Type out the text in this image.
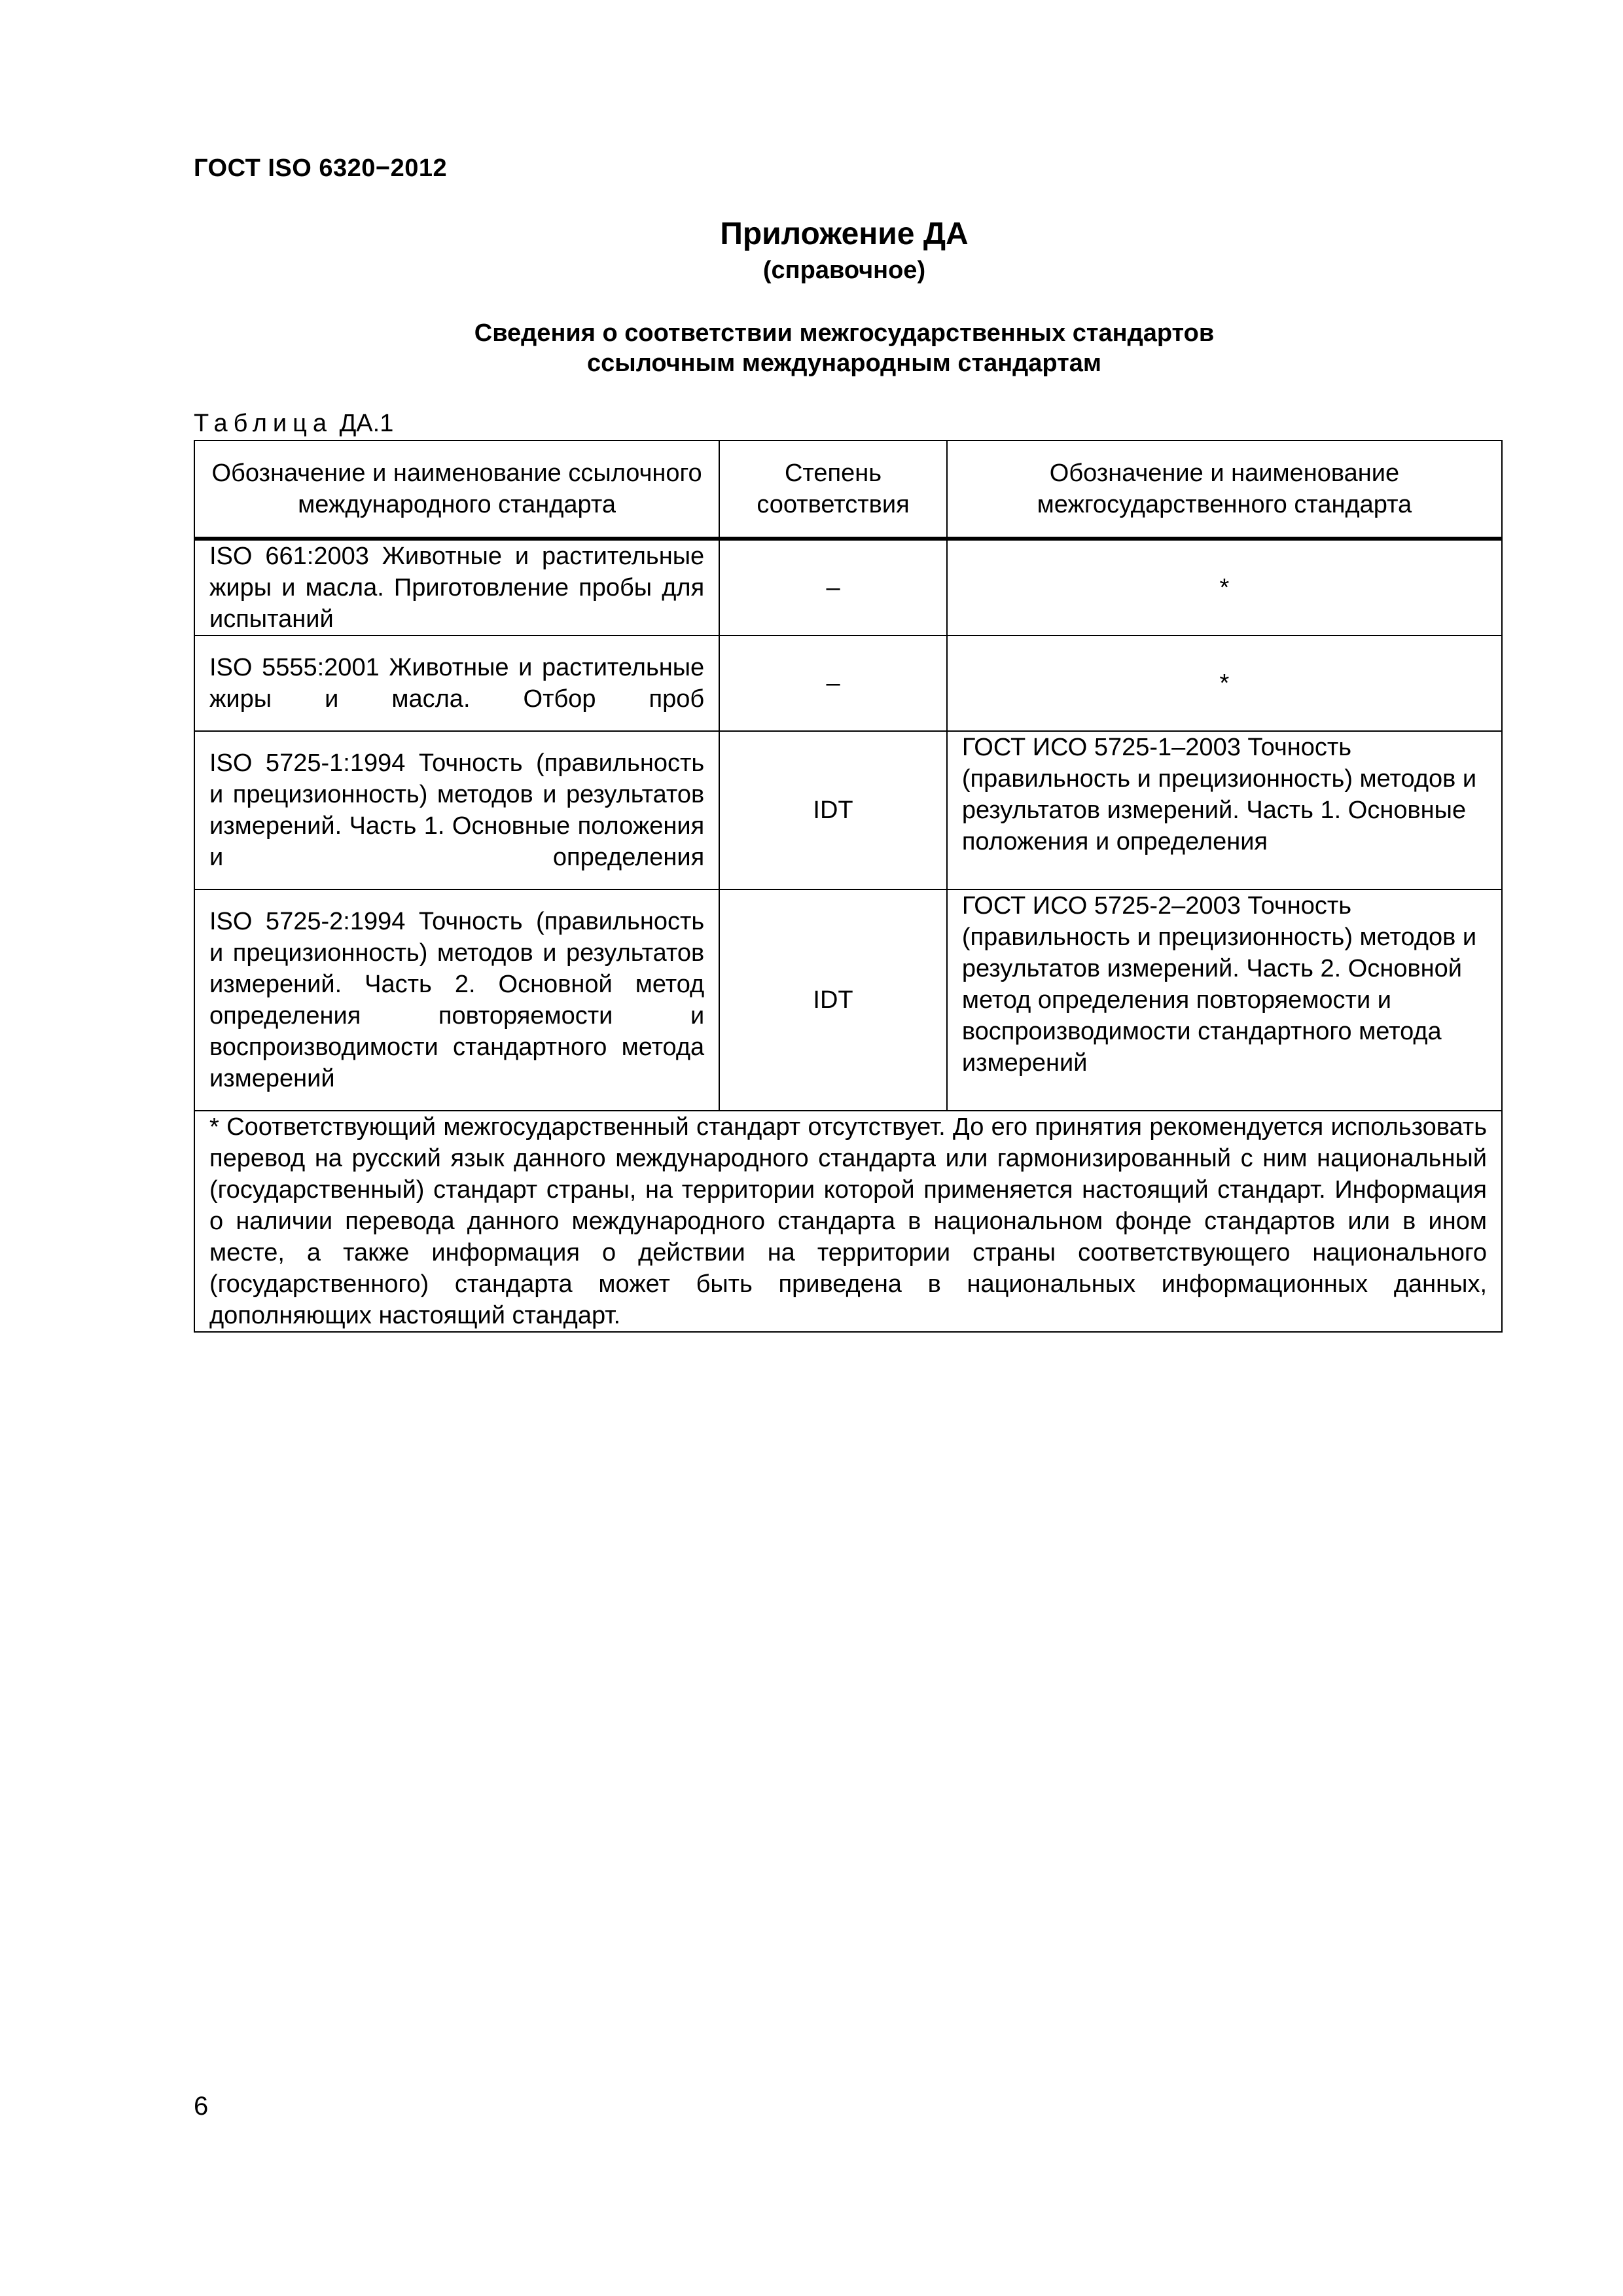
ГОСТ ISO 6320−2012
Приложение ДА
(справочное)
Сведения о соответствии межгосударственных стандартов
ссылочным международным стандартам
Таблица ДА.1
Обозначение и наименование ссылочного международного стандарта	Степень соответствия	Обозначение и наименование межгосударственного стандарта
ISO 661:2003 Животные и растительные жиры и масла. Приготовление пробы для испытаний	–	*
ISO 5555:2001 Животные и растительные жиры и масла. Отбор проб	–	*
ISO 5725-1:1994 Точность (правильность и прецизионность) методов и результатов измерений. Часть 1. Основные положения и определения	IDT	ГОСТ ИСО 5725-1–2003 Точность (правильность и прецизионность) методов и результатов измерений. Часть 1. Основные положения и определения
ISO 5725-2:1994 Точность (правильность и прецизионность) методов и результатов измерений. Часть 2. Основной метод определения повторяемости и воспроизводимости стандартного метода измерений	IDT	ГОСТ ИСО 5725-2–2003 Точность (правильность и прецизионность) методов и результатов измерений. Часть 2. Основной метод определения повторяемости и воспроизводимости стандартного метода измерений
* Соответствующий межгосударственный стандарт отсутствует. До его принятия рекомендуется использовать перевод на русский язык данного международного стандарта или гармонизированный с ним национальный (государственный) стандарт страны, на территории которой применяется настоящий стандарт. Информация о наличии перевода данного международного стандарта в национальном фонде стандартов или в ином месте, а также информация о действии на территории страны соответствующего национального (государственного) стандарта может быть приведена в национальных информационных данных, дополняющих настоящий стандарт.		
6
